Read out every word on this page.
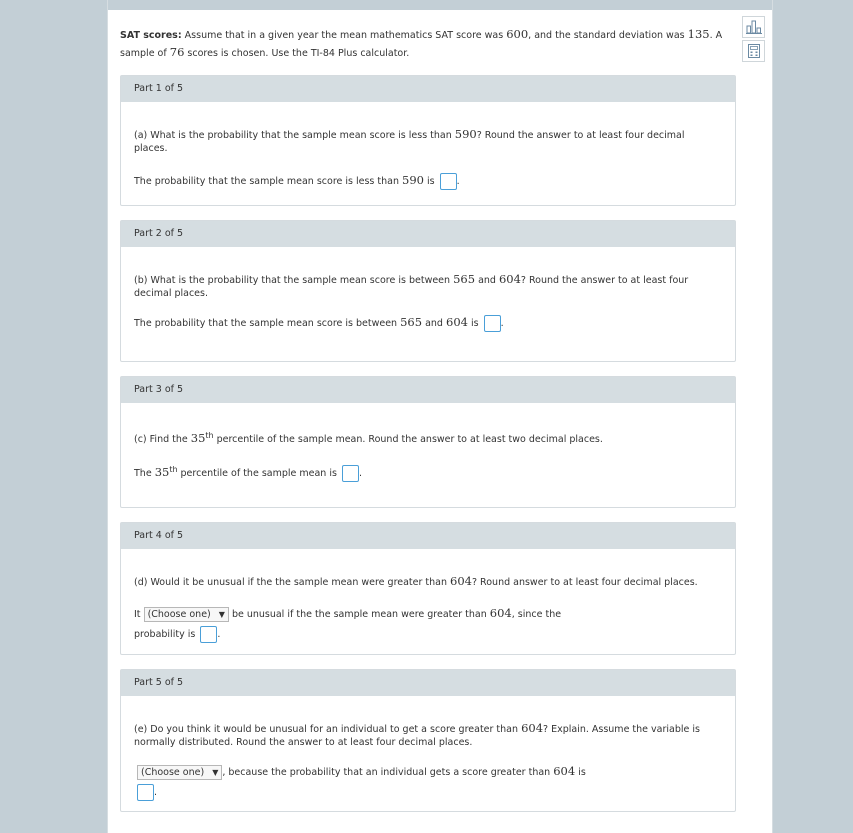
SAT scores: Assume that in a given year the mean mathematics SAT score was 600, and the standard deviation was 135. A
sample of 76 scores is chosen. Use the TI-84 Plus calculator.

Part 1 of 5

(a) What is the probability that the sample mean score is less than 590? Round the answer to at least four decimal places.

The probability that the sample mean score is less than 590 is .

Part 2 of 5

(b) What is the probability that the sample mean score is between 565 and 604? Round the answer to at least four decimal places.

The probability that the sample mean score is between 565 and 604 is .

Part 3 of 5

(c) Find the 35th percentile of the sample mean. Round the answer to at least two decimal places.

The 35th percentile of the sample mean is .

Part 4 of 5

(d) Would it be unusual if the the sample mean were greater than 604? Round answer to at least four decimal places.

It (Choose one) ▼ be unusual if the the sample mean were greater than 604, since the
probability is .

Part 5 of 5

(e) Do you think it would be unusual for an individual to get a score greater than 604? Explain. Assume the variable is
normally distributed. Round the answer to at least four decimal places.

(Choose one) ▼ , because the probability that an individual gets a score greater than 604 is
.
